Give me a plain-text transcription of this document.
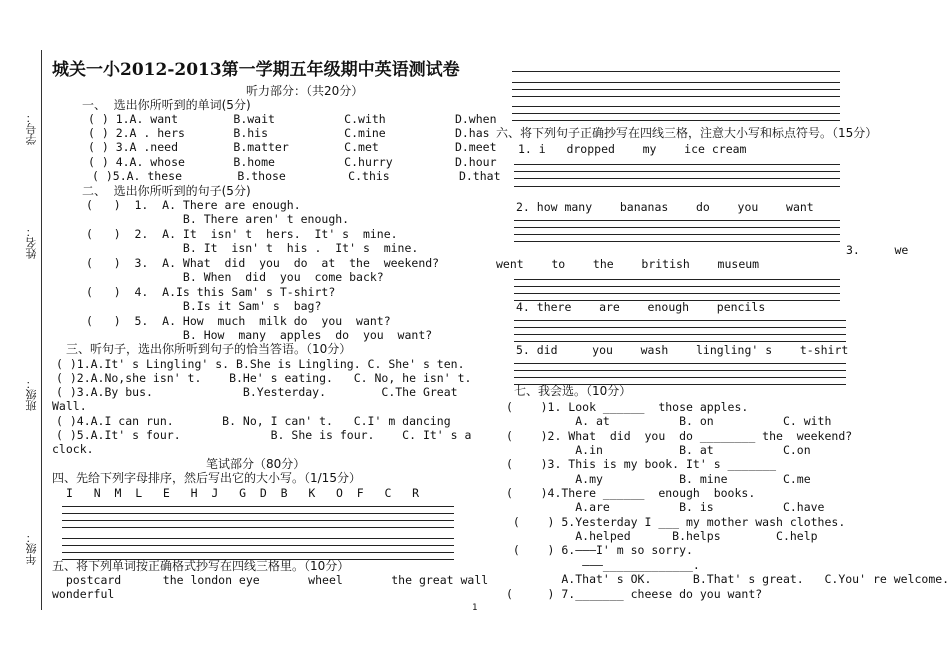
学号：
姓名：
班级：
年级：
城关一小2012-2013第一学期五年级期中英语测试卷
听力部分：（共20分）
一、  选出你所听到的单词(5分)
( ) 1.A. want        B.wait          C.with          D.when
( ) 2.A . hers       B.his           C.mine          D.has
( ) 3.A .need        B.matter        C.met           D.meet
( ) 4.A. whose       B.home          C.hurry         D.hour
( )5.A. these        B.those         C.this          D.that
二、  选出你所听到的句子(5分)
(   )  1.  A. There are enough.
B. There aren' t enough.
(   )  2.  A. It  isn' t  hers.  It' s  mine.
B. It  isn' t  his .  It' s  mine.
(   )  3.  A. What  did  you  do  at  the  weekend?
B. When  did  you  come back?
(   )  4.  A.Is this Sam' s T-shirt?
B.Is it Sam' s  bag?
(   )  5.  A. How  much  milk do  you  want?
B. How  many  apples  do  you  want?
三、听句子，选出你所听到句子的恰当答语。（10分）
( )1.A.It' s Lingling' s. B.She is Lingling. C. She' s ten.
( )2.A.No,she isn' t.    B.He' s eating.   C. No, he isn' t.
( )3.A.By bus.             B.Yesterday.        C.The Great
Wall.
( )4.A.I can run.       B. No, I can' t.   C.I' m dancing
( )5.A.It' s four.             B. She is four.    C. It' s a
clock.
笔试部分（80分）
四、先给下列字母排序，然后写出它的大小写。（1/15分）
I   N  M  L   E   H  J   G  D  B   K   O  F   C   R
五、将下列单词按正确格式抄写在四线三格里。（10分）
postcard      the london eye       wheel       the great wall
wonderful
六、将下列句子正确抄写在四线三格，注意大小写和标点符号。（15分）
1. i   dropped    my    ice cream
2. how many    bananas    do    you    want
3.     we
went    to    the    british    museum
4. there    are    enough    pencils
5. did     you    wash    lingling' s    t-shirt
七、我会选。（10分）
(    )1. Look ______  those apples.
A. at          B. on          C. with
(    )2. What  did  you  do ________ the  weekend?
A.in           B. at          C.on
(    )3. This is my book. It' s _______
A.my           B. mine        C.me
(    )4.There ______  enough  books.
A.are          B. is          C.have
(    ) 5.Yesterday I ___ my mother wash clothes.
A.helped      B.helps        C.help
(    ) 6.———I' m so sorry.
———_____________.
A.That' s OK.      B.That' s great.   C.You' re welcome.
(     ) 7._______ cheese do you want?
1
